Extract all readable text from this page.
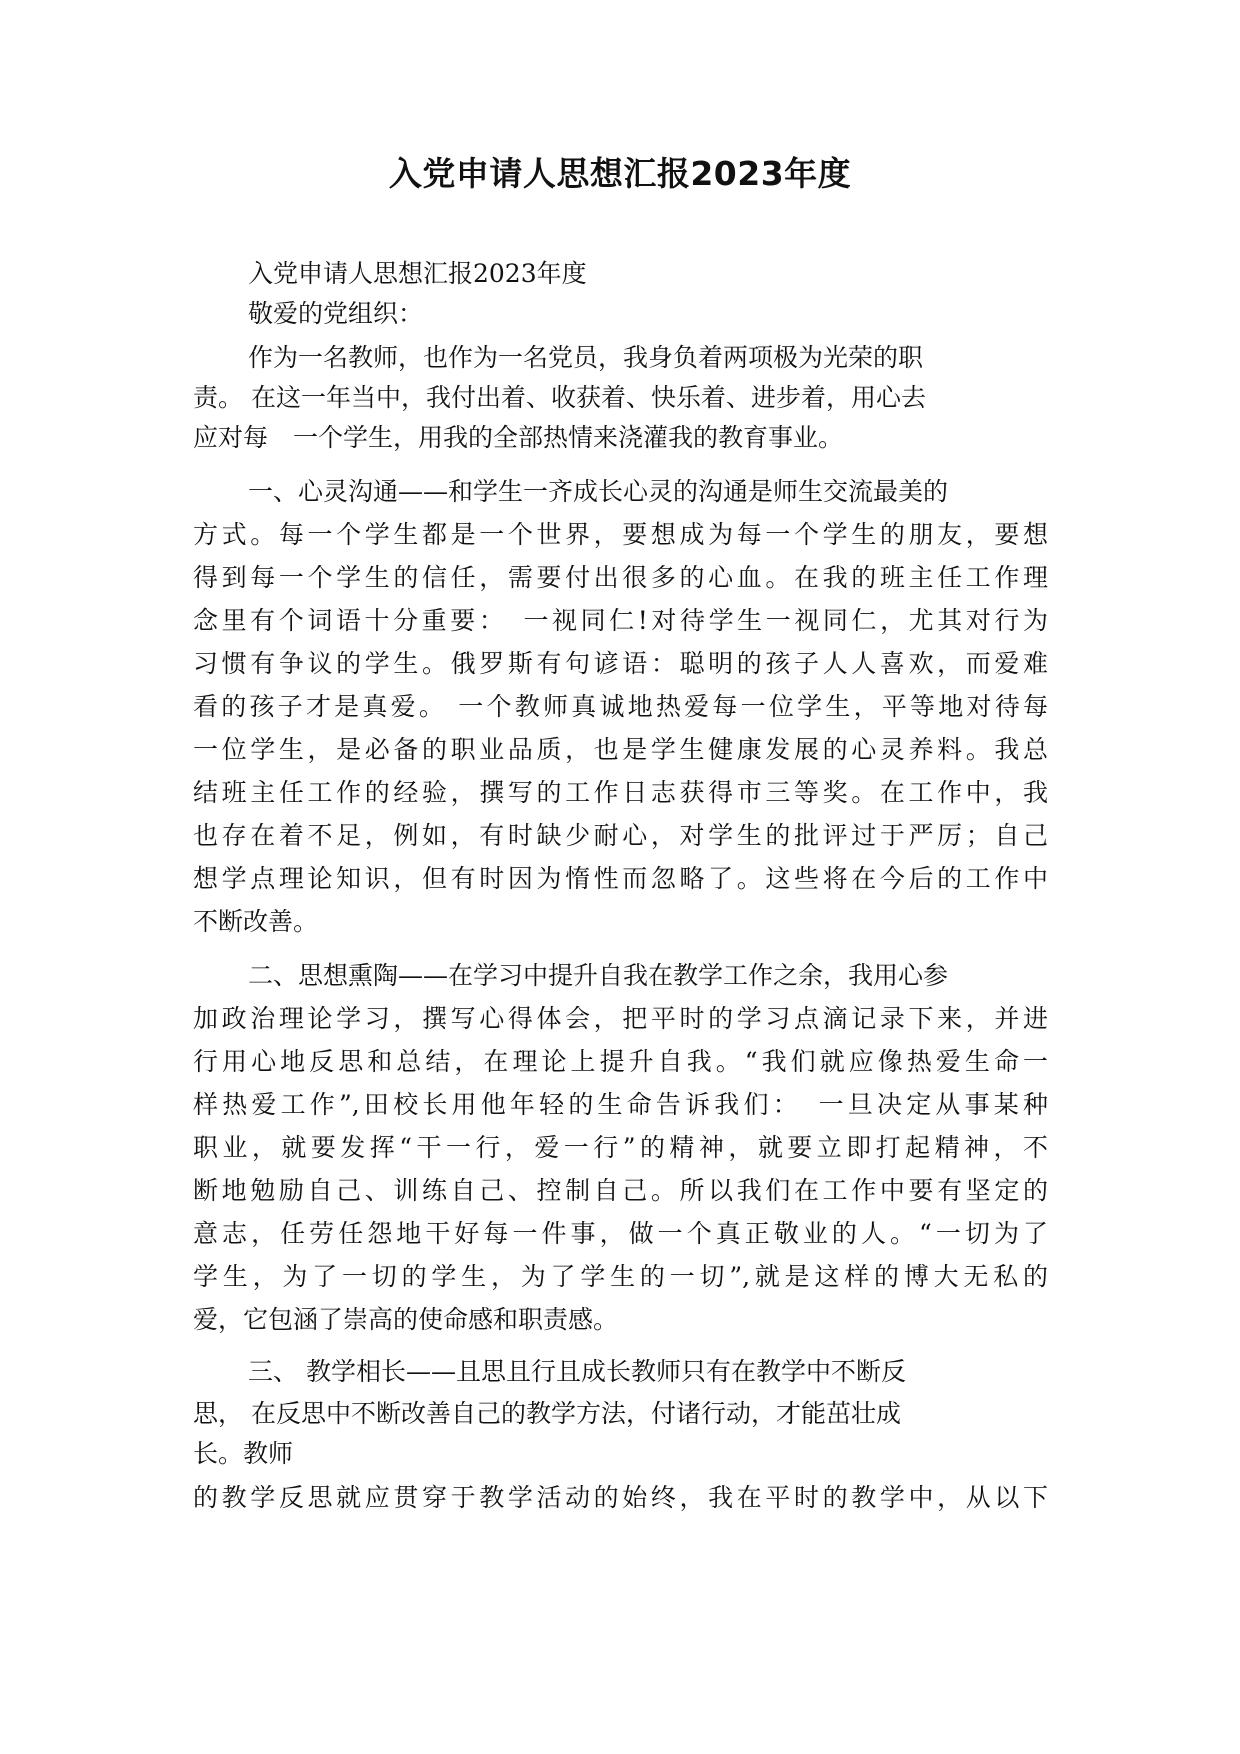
入党申请人思想汇报2023年度

入党申请人思想汇报2023年度

敬爱的党组织：

作为一名教师，也作为一名党员，我身负着两项极为光荣的职

责。 在这一年当中，我付出着、收获着、快乐着、进步着，用心去

应对每　一个学生，用我的全部热情来浇灌我的教育事业。

一、心灵沟通——和学生一齐成长心灵的沟通是师生交流最美的

方式。每一个学生都是一个世界，要想成为每一个学生的朋友，要想

得到每一个学生的信任，需要付出很多的心血。在我的班主任工作理

念里有个词语十分重要：　一视同仁!对待学生一视同仁，尤其对行为

习惯有争议的学生。俄罗斯有句谚语：聪明的孩子人人喜欢，而爱难

看的孩子才是真爱。 一个教师真诚地热爱每一位学生，平等地对待每

一位学生，是必备的职业品质，也是学生健康发展的心灵养料。我总

结班主任工作的经验，撰写的工作日志获得市三等奖。在工作中，我

也存在着不足，例如，有时缺少耐心，对学生的批评过于严厉；自己

想学点理论知识，但有时因为惰性而忽略了。这些将在今后的工作中

不断改善。

二、思想熏陶——在学习中提升自我在教学工作之余，我用心参

加政治理论学习，撰写心得体会，把平时的学习点滴记录下来，并进

行用心地反思和总结，在理论上提升自我。“我们就应像热爱生命一

样热爱工作”,田校长用他年轻的生命告诉我们：　一旦决定从事某种

职业，就要发挥“干一行，爱一行”的精神，就要立即打起精神，不

断地勉励自己、训练自己、控制自己。所以我们在工作中要有坚定的

意志，任劳任怨地干好每一件事，做一个真正敬业的人。“一切为了

学生，为了一切的学生，为了学生的一切”,就是这样的博大无私的

爱，它包涵了崇高的使命感和职责感。

三、 教学相长——且思且行且成长教师只有在教学中不断反

思， 在反思中不断改善自己的教学方法，付诸行动，才能茁壮成

长。教师

的教学反思就应贯穿于教学活动的始终，我在平时的教学中，从以下
